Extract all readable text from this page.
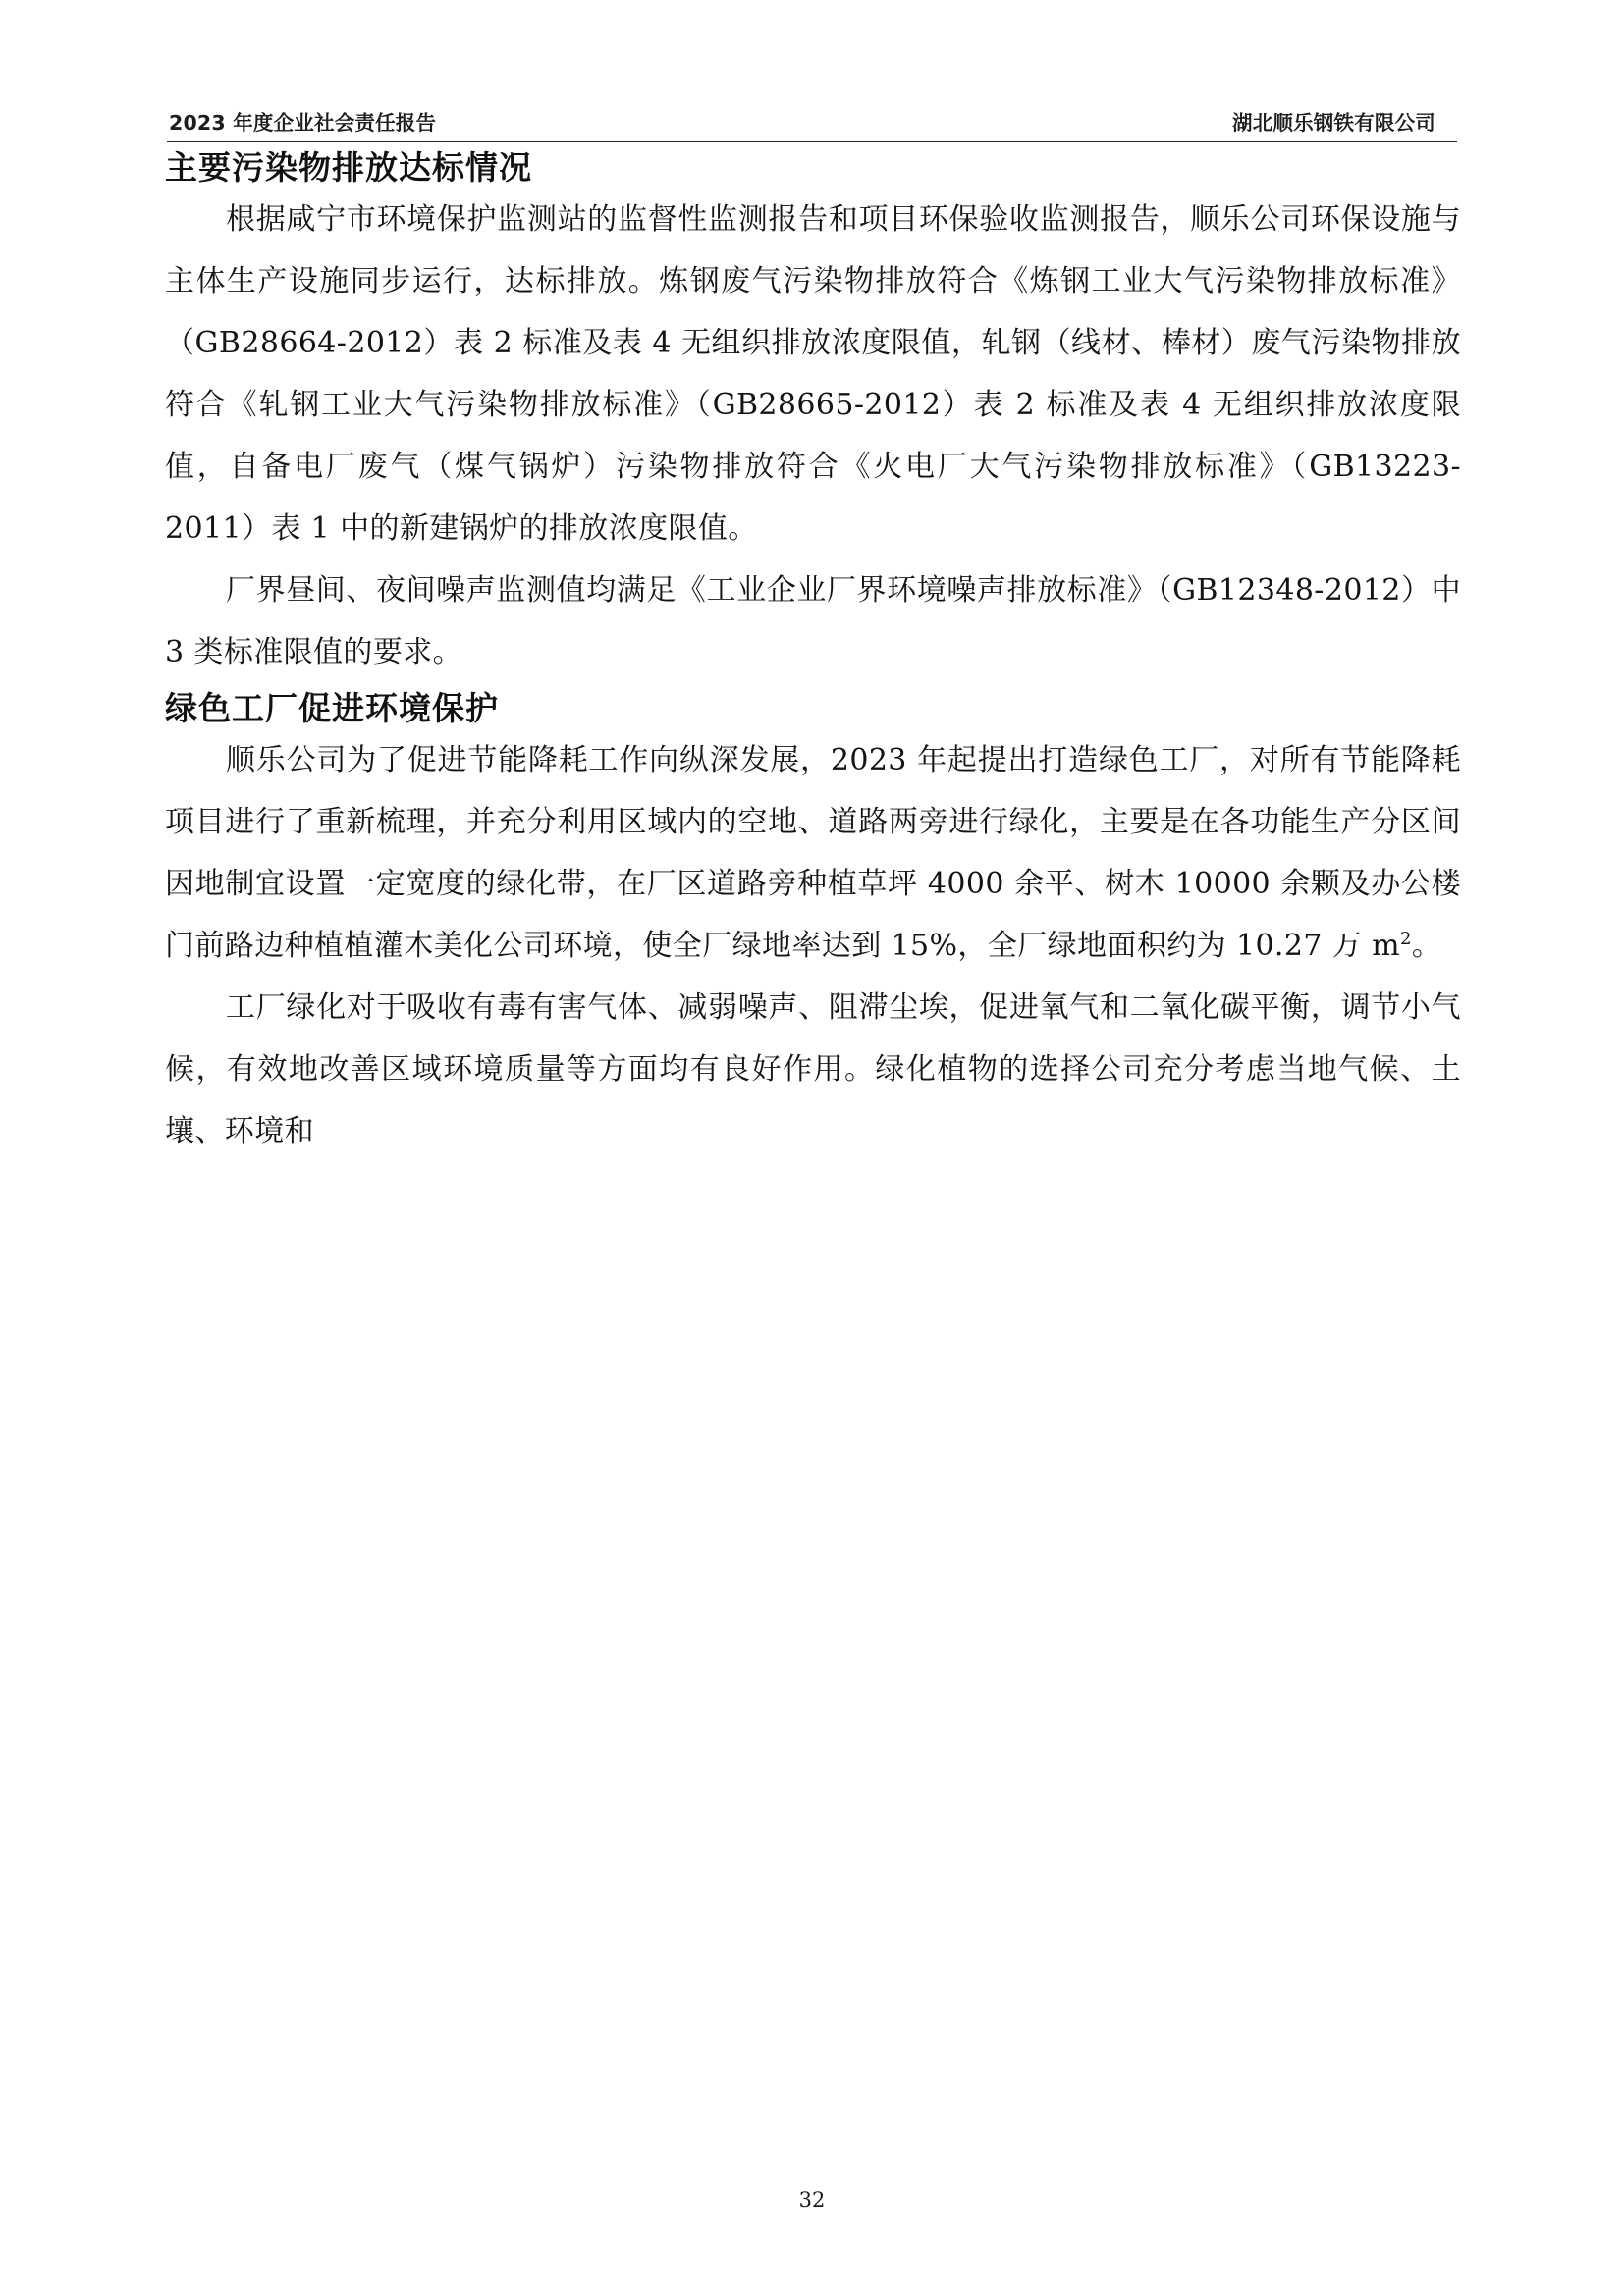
2023 年度企业社会责任报告	湖北顺乐钢铁有限公司
主要污染物排放达标情况

根据咸宁市环境保护监测站的监督性监测报告和项目环保验收监测报告，顺乐公司环保设施与主体生产设施同步运行，达标排放。炼钢废气污染物排放符合《炼钢工业大气污染物排放标准》（GB28664-2012）表 2 标准及表 4 无组织排放浓度限值，轧钢（线材、棒材）废气污染物排放符合《轧钢工业大气污染物排放标准》（GB28665-2012）表 2 标准及表 4 无组织排放浓度限值，自备电厂废气（煤气锅炉）污染物排放符合《火电厂大气污染物排放标准》（GB13223-2011）表 1 中的新建锅炉的排放浓度限值。

厂界昼间、夜间噪声监测值均满足《工业企业厂界环境噪声排放标准》（GB12348-2012）中 3 类标准限值的要求。

绿色工厂促进环境保护

顺乐公司为了促进节能降耗工作向纵深发展，2023 年起提出打造绿色工厂，对所有节能降耗项目进行了重新梳理，并充分利用区域内的空地、道路两旁进行绿化，主要是在各功能生产分区间因地制宜设置一定宽度的绿化带，在厂区道路旁种植草坪 4000 余平、树木 10000 余颗及办公楼门前路边种植植灌木美化公司环境，使全厂绿地率达到 15%，全厂绿地面积约为 10.27 万 $m^2$。

工厂绿化对于吸收有毒有害气体、减弱噪声、阻滞尘埃，促进氧气和二氧化碳平衡，调节小气候，有效地改善区域环境质量等方面均有良好作用。绿化植物的选择公司充分考虑当地气候、土壤、环境和

32
